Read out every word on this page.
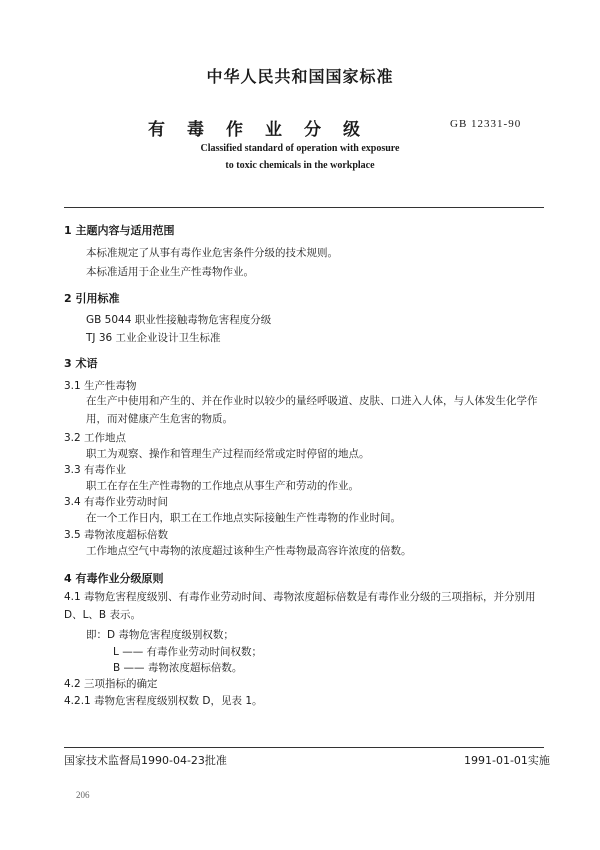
中华人民共和国国家标准
有毒作业分级	GB 12331-90
Classified standard of operation with exposure
to toxic chemicals in the workplace
1 主题内容与适用范围
本标准规定了从事有毒作业危害条件分级的技术规则。
本标准适用于企业生产性毒物作业。
2 引用标准
GB 5044 职业性接触毒物危害程度分级
TJ 36 工业企业设计卫生标准
3 术语
3.1 生产性毒物
在生产中使用和产生的、并在作业时以较少的量经呼吸道、皮肤、口进入人体，与人体发生化学作用，而对健康产生危害的物质。
3.2 工作地点
职工为观察、操作和管理生产过程而经常或定时停留的地点。
3.3 有毒作业
职工在存在生产性毒物的工作地点从事生产和劳动的作业。
3.4 有毒作业劳动时间
在一个工作日内，职工在工作地点实际接触生产性毒物的作业时间。
3.5 毒物浓度超标倍数
工作地点空气中毒物的浓度超过该种生产性毒物最高容许浓度的倍数。
4 有毒作业分级原则
4.1 毒物危害程度级别、有毒作业劳动时间、毒物浓度超标倍数是有毒作业分级的三项指标，并分别用 D、L、B 表示。
即：D 毒物危害程度级别权数；
L —— 有毒作业劳动时间权数；
B —— 毒物浓度超标倍数。
4.2 三项指标的确定
4.2.1 毒物危害程度级别权数 D，见表 1。
国家技术监督局1990-04-23批准	1991-01-01实施
206
